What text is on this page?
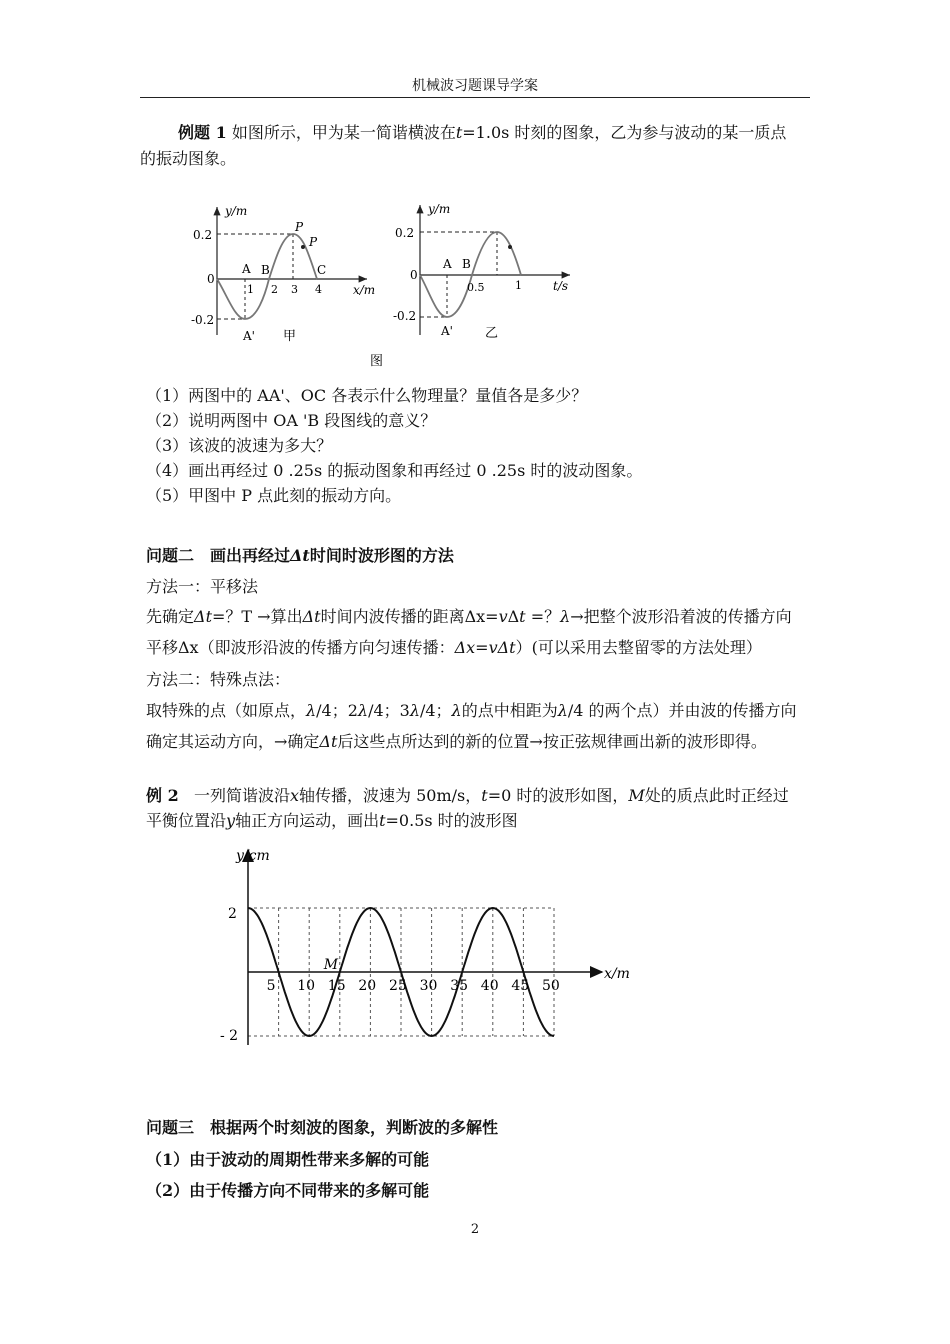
机械波习题课导学案
例题 1 如图所示，甲为某一简谐横波在t=1.0s 时刻的图象，乙为参与波动的某一质点
的振动图象。
0.2
0
-0.2
1 2 3 4
y/m
x/m
P
P
A B	C
A' 甲
0.2
0
-0.2
0.5	1
y/m
t/s
A B
A' 乙
图
（1）两图中的 AA'、OC 各表示什么物理量？量值各是多少？
（2）说明两图中 OA 'B 段图线的意义？
（3）该波的波速为多大？
（4）画出再经过 0 .25s 的振动图象和再经过 0 .25s 时的波动图象。
（5）甲图中 P 点此刻的振动方向。
问题二　画出再经过Δt时间时波形图的方法
方法一：平移法
先确定Δt=？T →算出Δt时间内波传播的距离Δx=vΔt =？λ→把整个波形沿着波的传播方向
平移Δx（即波形沿波的传播方向匀速传播：Δx=vΔt）(可以采用去整留零的方法处理）
方法二：特殊点法：
取特殊的点（如原点，λ/4；2λ/4；3λ/4；λ的点中相距为λ/4 的两个点）并由波的传播方向
确定其运动方向，→确定Δt后这些点所达到的新的位置→按正弦规律画出新的波形即得。
例 2 一列简谐波沿x轴传播，波速为 50m/s，t=0 时的波形如图，M处的质点此时正经过
平衡位置沿y轴正方向运动，画出t=0.5s 时的波形图
5 10 15 20 25 30 35 40 45 50
2
- 2
y/cm
x/m
M
问题三　根据两个时刻波的图象，判断波的多解性
（1）由于波动的周期性带来多解的可能
（2）由于传播方向不同带来的多解可能
2
